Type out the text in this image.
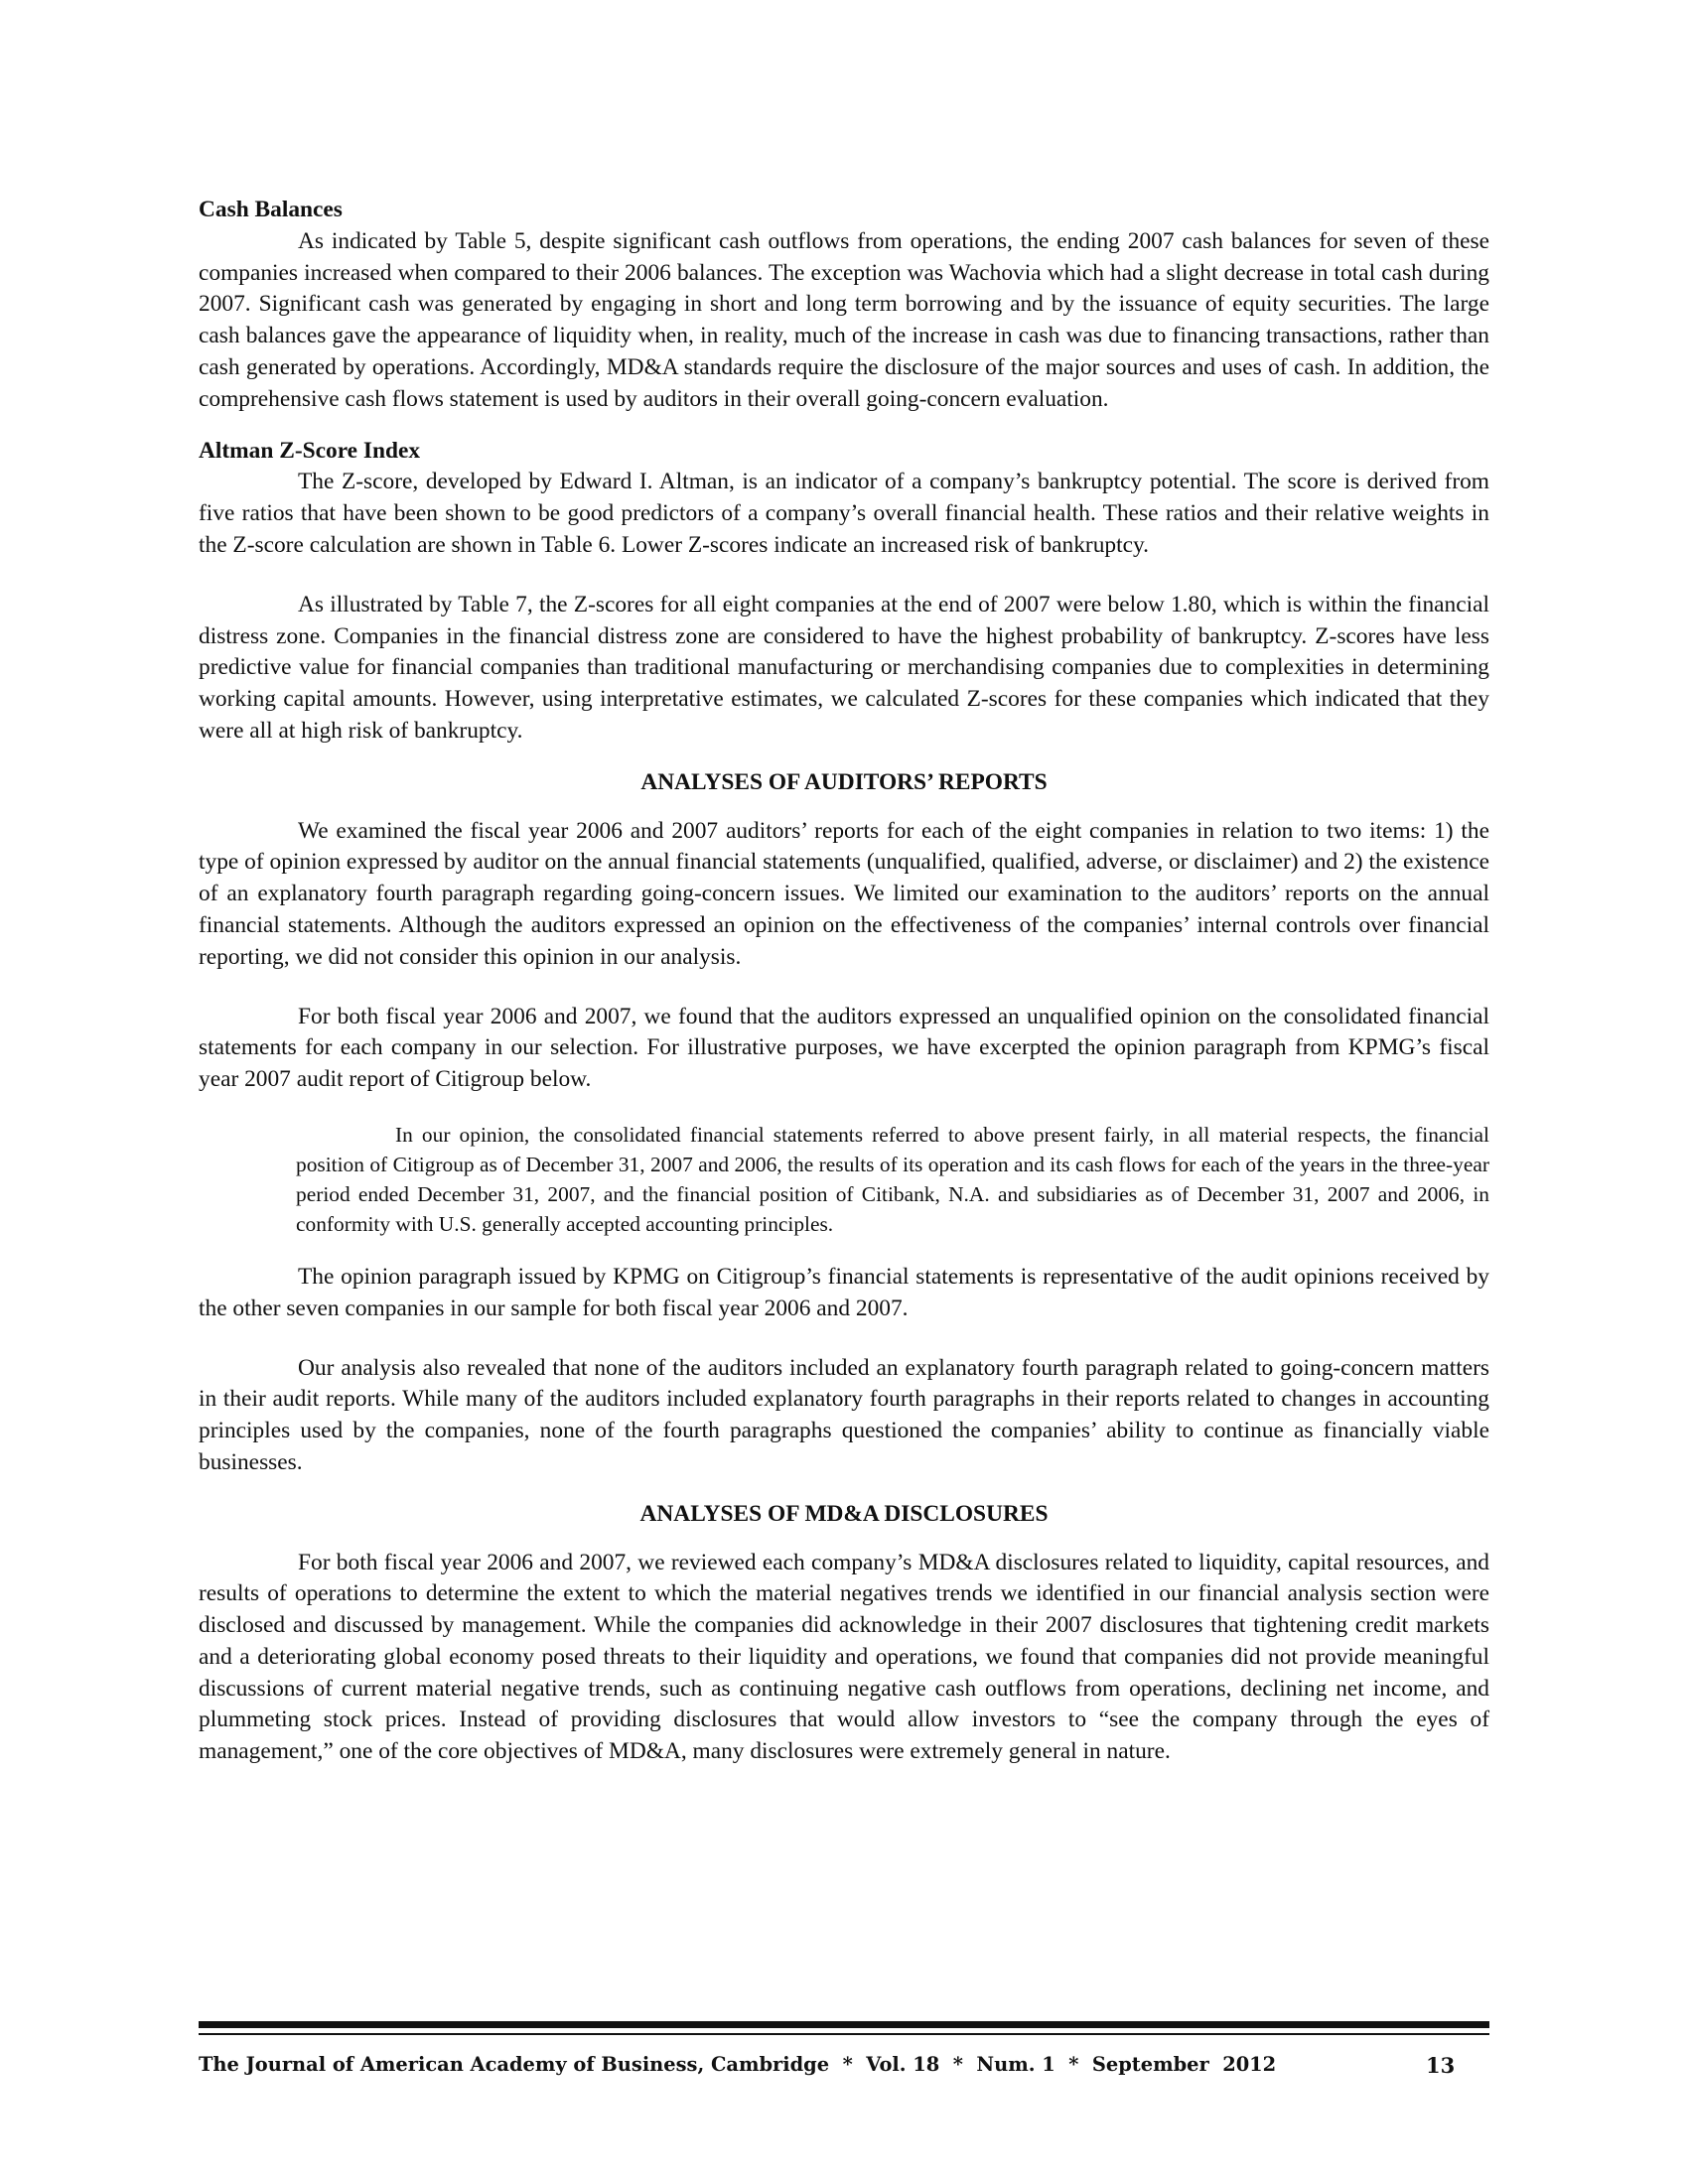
Cash Balances

As indicated by Table 5, despite significant cash outflows from operations, the ending 2007 cash balances for seven of these companies increased when compared to their 2006 balances. The exception was Wachovia which had a slight decrease in total cash during 2007. Significant cash was generated by engaging in short and long term borrowing and by the issuance of equity securities. The large cash balances gave the appearance of liquidity when, in reality, much of the increase in cash was due to financing transactions, rather than cash generated by operations. Accordingly, MD&A standards require the disclosure of the major sources and uses of cash. In addition, the comprehensive cash flows statement is used by auditors in their overall going-concern evaluation.

Altman Z-Score Index

The Z-score, developed by Edward I. Altman, is an indicator of a company’s bankruptcy potential. The score is derived from five ratios that have been shown to be good predictors of a company’s overall financial health. These ratios and their relative weights in the Z-score calculation are shown in Table 6. Lower Z-scores indicate an increased risk of bankruptcy.

As illustrated by Table 7, the Z-scores for all eight companies at the end of 2007 were below 1.80, which is within the financial distress zone. Companies in the financial distress zone are considered to have the highest probability of bankruptcy. Z-scores have less predictive value for financial companies than traditional manufacturing or merchandising companies due to complexities in determining working capital amounts. However, using interpretative estimates, we calculated Z-scores for these companies which indicated that they were all at high risk of bankruptcy.

ANALYSES OF AUDITORS’ REPORTS

We examined the fiscal year 2006 and 2007 auditors’ reports for each of the eight companies in relation to two items: 1) the type of opinion expressed by auditor on the annual financial statements (unqualified, qualified, adverse, or disclaimer) and 2) the existence of an explanatory fourth paragraph regarding going-concern issues. We limited our examination to the auditors’ reports on the annual financial statements. Although the auditors expressed an opinion on the effectiveness of the companies’ internal controls over financial reporting, we did not consider this opinion in our analysis.

For both fiscal year 2006 and 2007, we found that the auditors expressed an unqualified opinion on the consolidated financial statements for each company in our selection. For illustrative purposes, we have excerpted the opinion paragraph from KPMG’s fiscal year 2007 audit report of Citigroup below.

In our opinion, the consolidated financial statements referred to above present fairly, in all material respects, the financial position of Citigroup as of December 31, 2007 and 2006, the results of its operation and its cash flows for each of the years in the three-year period ended December 31, 2007, and the financial position of Citibank, N.A. and subsidiaries as of December 31, 2007 and 2006, in conformity with U.S. generally accepted accounting principles.

The opinion paragraph issued by KPMG on Citigroup’s financial statements is representative of the audit opinions received by the other seven companies in our sample for both fiscal year 2006 and 2007.

Our analysis also revealed that none of the auditors included an explanatory fourth paragraph related to going-concern matters in their audit reports. While many of the auditors included explanatory fourth paragraphs in their reports related to changes in accounting principles used by the companies, none of the fourth paragraphs questioned the companies’ ability to continue as financially viable businesses.

ANALYSES OF MD&A DISCLOSURES

For both fiscal year 2006 and 2007, we reviewed each company’s MD&A disclosures related to liquidity, capital resources, and results of operations to determine the extent to which the material negatives trends we identified in our financial analysis section were disclosed and discussed by management. While the companies did acknowledge in their 2007 disclosures that tightening credit markets and a deteriorating global economy posed threats to their liquidity and operations, we found that companies did not provide meaningful discussions of current material negative trends, such as continuing negative cash outflows from operations, declining net income, and plummeting stock prices. Instead of providing disclosures that would allow investors to “see the company through the eyes of management,” one of the core objectives of MD&A, many disclosures were extremely general in nature.

The Journal of American Academy of Business, Cambridge  *  Vol. 18  *  Num. 1  *  September  2012	13
